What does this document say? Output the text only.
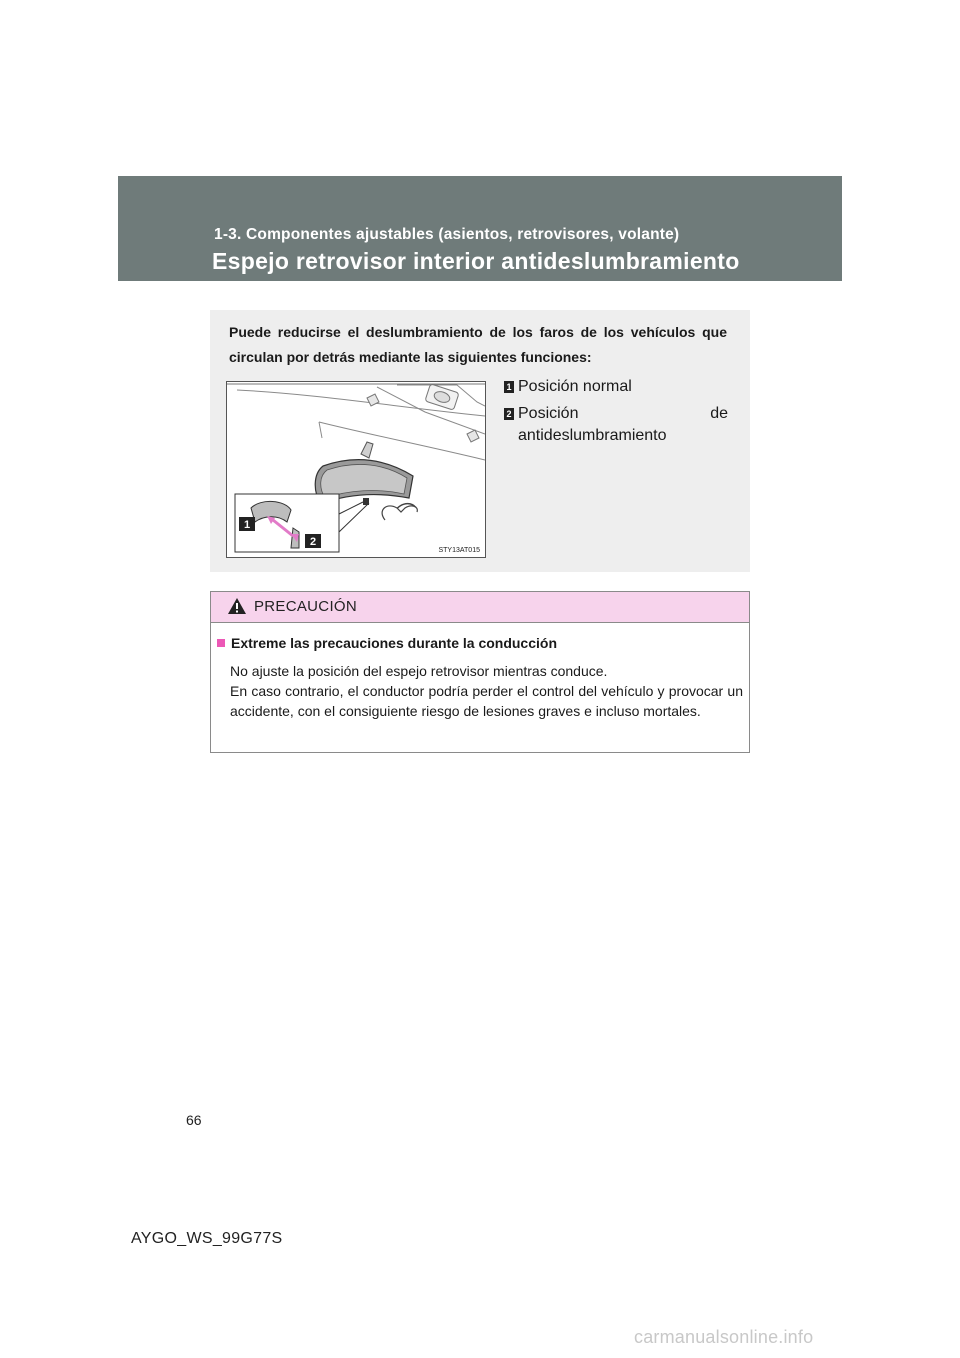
1-3. Componentes ajustables (asientos, retrovisores, volante)
Espejo retrovisor interior antideslumbramiento
Puede reducirse el deslumbramiento de los faros de los vehículos que circulan por detrás mediante las siguientes funciones:
1
2
STY13AT015
1 Posición normal
2 Posición de
antideslumbramiento
PRECAUCIÓN
Extreme las precauciones durante la conducción
No ajuste la posición del espejo retrovisor mientras conduce.
En caso contrario, el conductor podría perder el control del vehículo y provocar un accidente, con el consiguiente riesgo de lesiones graves e incluso mortales.
66
AYGO_WS_99G77S
carmanualsonline.info
